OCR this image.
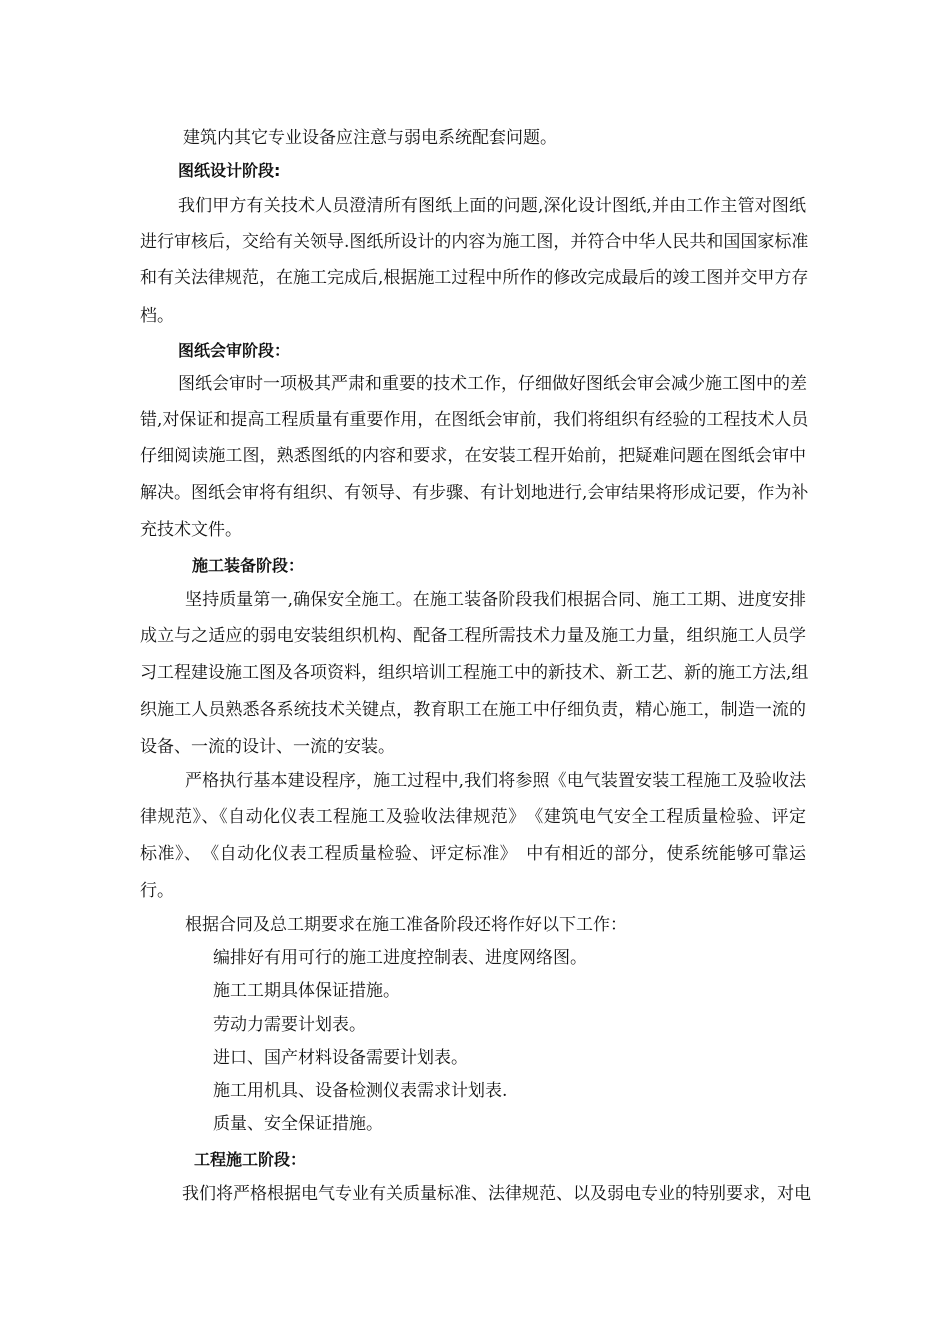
建筑内其它专业设备应注意与弱电系统配套问题。
图纸设计阶段:
我们甲方有关技术人员澄清所有图纸上面的问题,深化设计图纸,并由工作主管对图纸
进行审核后，交给有关领导.图纸所设计的内容为施工图，并符合中华人民共和国国家标准
和有关法律规范，在施工完成后,根据施工过程中所作的修改完成最后的竣工图并交甲方存
档。
图纸会审阶段：
图纸会审时一项极其严肃和重要的技术工作，仔细做好图纸会审会减少施工图中的差
错,对保证和提高工程质量有重要作用，在图纸会审前，我们将组织有经验的工程技术人员
仔细阅读施工图，熟悉图纸的内容和要求，在安装工程开始前，把疑难问题在图纸会审中
解决。图纸会审将有组织、有领导、有步骤、有计划地进行,会审结果将形成记要，作为补
充技术文件。
施工装备阶段：
坚持质量第一,确保安全施工。在施工装备阶段我们根据合同、施工工期、进度安排
成立与之适应的弱电安装组织机构、配备工程所需技术力量及施工力量，组织施工人员学
习工程建设施工图及各项资料，组织培训工程施工中的新技术、新工艺、新的施工方法,组
织施工人员熟悉各系统技术关键点，教育职工在施工中仔细负责，精心施工，制造一流的
设备、一流的设计、一流的安装。
严格执行基本建设程序，施工过程中,我们将参照《电气装置安装工程施工及验收法
律规范》、《自动化仪表工程施工及验收法律规范》　《建筑电气安全工程质量检验、评定
标准》、　《自动化仪表工程质量检验、评定标准》　中有相近的部分，使系统能够可靠运
行。
根据合同及总工期要求在施工准备阶段还将作好以下工作：
编排好有用可行的施工进度控制表、进度网络图。
施工工期具体保证措施。
劳动力需要计划表。
进口、国产材料设备需要计划表。
施工用机具、设备检测仪表需求计划表.
质量、安全保证措施。
工程施工阶段：
我们将严格根据电气专业有关质量标准、法律规范、以及弱电专业的特别要求，对电
